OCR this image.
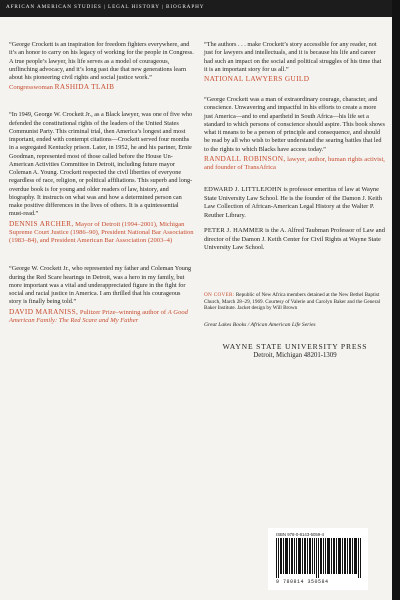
AFRICAN AMERICAN STUDIES | LEGAL HISTORY | BIOGRAPHY

“George Crockett is an inspiration for freedom fighters everywhere, and it’s an honor to carry on his legacy of working for the people in Congress. A true people’s lawyer, his life serves as a model of courageous, unflinching advocacy, and it’s long past due that new generations learn about his pioneering civil rights and social justice work.”

Congresswoman RASHIDA TLAIB

“In 1949, George W. Crockett Jr., as a Black lawyer, was one of five who defended the constitutional rights of the leaders of the United States Communist Party. This criminal trial, then America’s longest and most important, ended with contempt citations—Crockett served four months in a segregated Kentucky prison. Later, in 1952, he and his partner, Ernie Goodman, represented most of those called before the House Un-American Activities Committee in Detroit, including future mayor Coleman A. Young. Crockett respected the civil liberties of everyone regardless of race, religion, or political affiliations. This superb and long-overdue book is for young and older readers of law, history, and biography. It instructs on what was and how a determined person can make positive differences in the lives of others. It is a quintessential must-read.”

DENNIS ARCHER, Mayor of Detroit (1994–2001), Michigan Supreme Court Justice (1986–90), President National Bar Association (1983–84), and President American Bar Association (2003–4)

“George W. Crockett Jr., who represented my father and Coleman Young during the Red Scare hearings in Detroit, was a hero in my family, but more important was a vital and underappreciated figure in the fight for social and racial justice in America. I am thrilled that his courageous story is finally being told.”

DAVID MARANISS, Pulitzer Prize–winning author of A Good American Family: The Red Scare and My Father

“The authors . . . make Crockett’s story accessible for any reader, not just for lawyers and intellectuals, and it is because his life and career had such an impact on the social and political struggles of his time that it is an important story for us all.”

NATIONAL LAWYERS GUILD

“George Crockett was a man of extraordinary courage, character, and conscience. Unwavering and impactful in his efforts to create a more just America—and to end apartheid in South Africa—his life set a standard to which persons of conscience should aspire. This book shows what it means to be a person of principle and consequence, and should be read by all who wish to better understand the searing battles that led to the rights to which Blacks have access today.”

RANDALL ROBINSON, lawyer, author, human rights activist, and founder of TransAfrica

EDWARD J. LITTLEJOHN is professor emeritus of law at Wayne State University Law School. He is the founder of the Damon J. Keith Law Collection of African-American Legal History at the Walter P. Reuther Library.

PETER J. HAMMER is the A. Alfred Taubman Professor of Law and director of the Damon J. Keith Center for Civil Rights at Wayne State University Law School.

ON COVER: Republic of New Africa members detained at the New Bethel Baptist Church, March 28–29, 1969. Courtesy of Valerie and Carolyn Baker and the General Baker Institute. Jacket design by Will Brown

Great Lakes Books / African American Life Series

WAYNE STATE UNIVERSITY PRESS
Detroit, Michigan 48201-1309
ISBN 978-0-8143-5059-4
9 780814 350584
